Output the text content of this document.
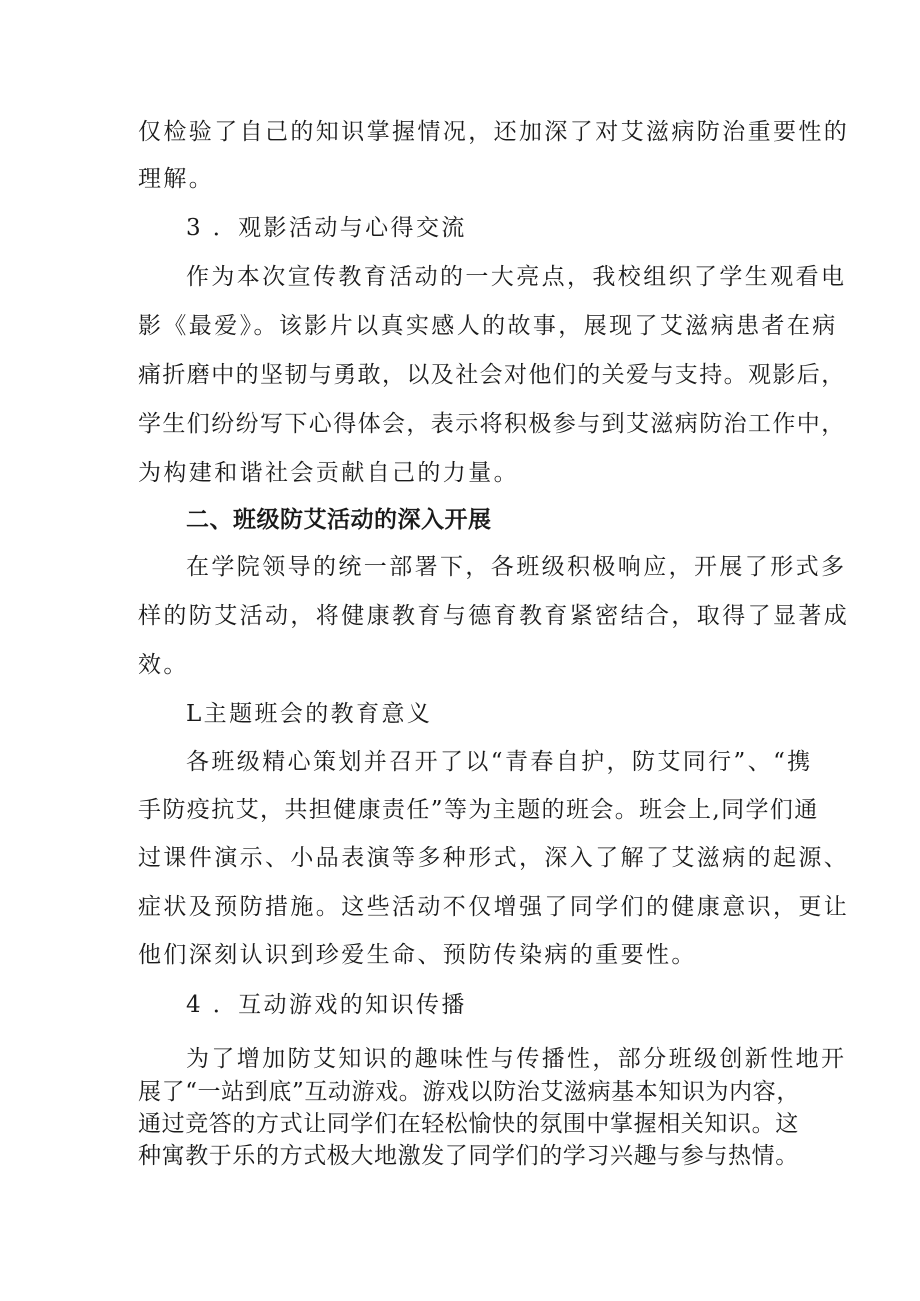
仅检验了自己的知识掌握情况，还加深了对艾滋病防治重要性的
理解。
3 ．观影活动与心得交流
作为本次宣传教育活动的一大亮点，我校组织了学生观看电
影《最爱》。该影片以真实感人的故事，展现了艾滋病患者在病
痛折磨中的坚韧与勇敢，以及社会对他们的关爱与支持。观影后，
学生们纷纷写下心得体会，表示将积极参与到艾滋病防治工作中，
为构建和谐社会贡献自己的力量。
二、班级防艾活动的深入开展
在学院领导的统一部署下，各班级积极响应，开展了形式多
样的防艾活动，将健康教育与德育教育紧密结合，取得了显著成
效。
L主题班会的教育意义
各班级精心策划并召开了以“青春自护，防艾同行”、“携
手防疫抗艾，共担健康责任”等为主题的班会。班会上,同学们通
过课件演示、小品表演等多种形式，深入了解了艾滋病的起源、
症状及预防措施。这些活动不仅增强了同学们的健康意识，更让
他们深刻认识到珍爱生命、预防传染病的重要性。
4 ．互动游戏的知识传播
为了增加防艾知识的趣味性与传播性，部分班级创新性地开
展了“一站到底”互动游戏。游戏以防治艾滋病基本知识为内容，
通过竞答的方式让同学们在轻松愉快的氛围中掌握相关知识。这
种寓教于乐的方式极大地激发了同学们的学习兴趣与参与热情。
